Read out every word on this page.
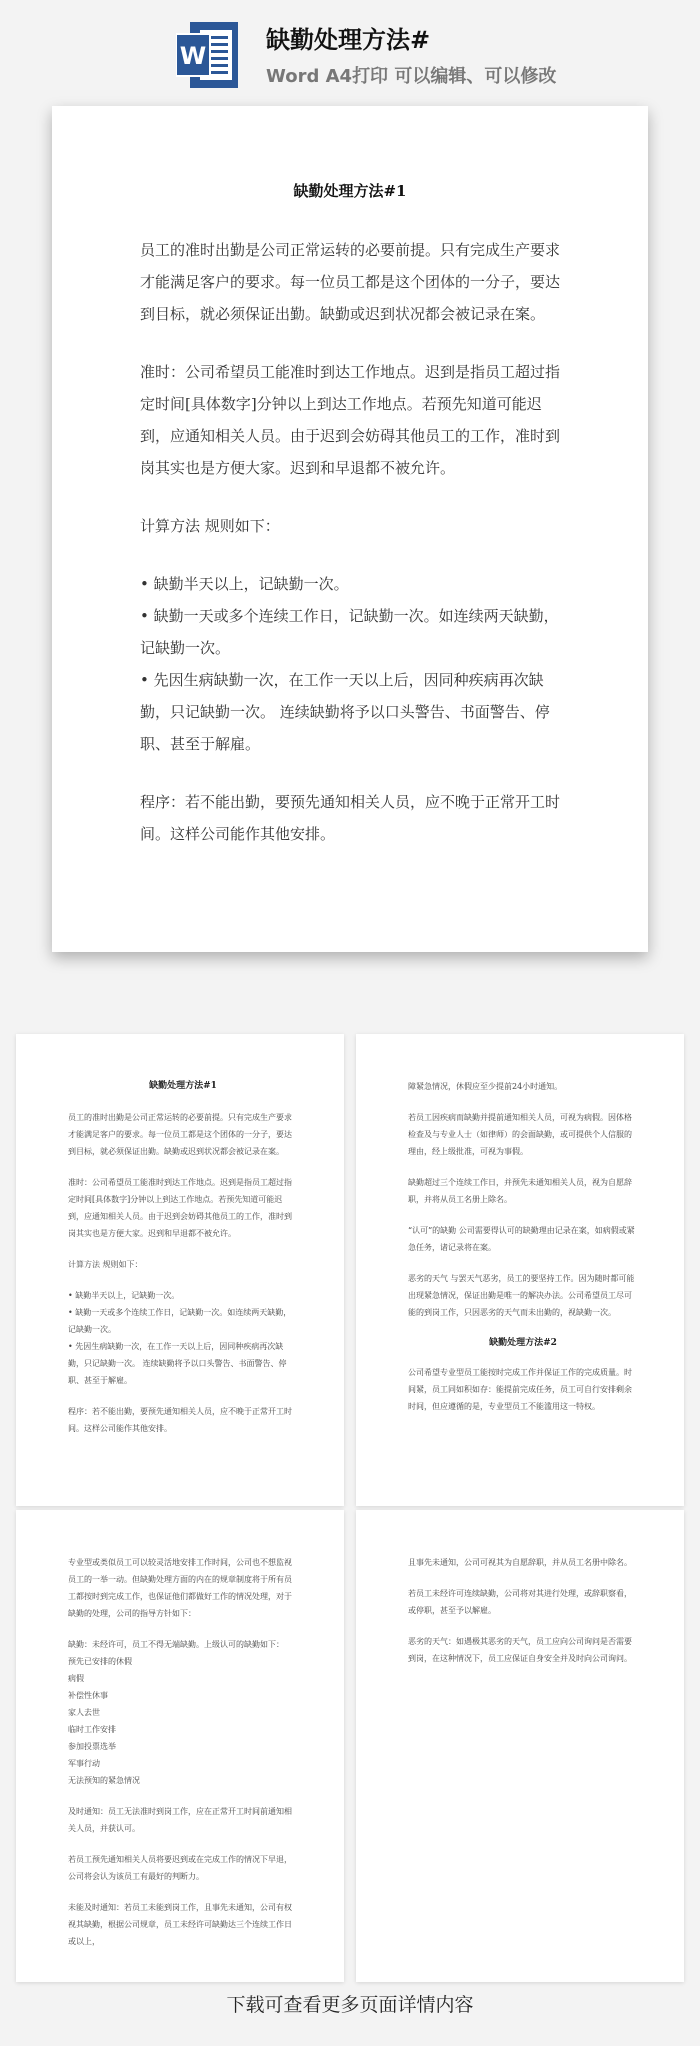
W
缺勤处理方法#
Word A4打印 可以编辑、可以修改
缺勤处理方法#1

员工的准时出勤是公司正常运转的必要前提。只有完成生产要求才能满足客户的要求。每一位员工都是这个团体的一分子，要达到目标，就必须保证出勤。缺勤或迟到状况都会被记录在案。

准时：公司希望员工能准时到达工作地点。迟到是指员工超过指定时间[具体数字]分钟以上到达工作地点。若预先知道可能迟到，应通知相关人员。由于迟到会妨碍其他员工的工作，准时到岗其实也是方便大家。迟到和早退都不被允许。

计算方法 规则如下：

• 缺勤半天以上，记缺勤一次。

• 缺勤一天或多个连续工作日，记缺勤一次。如连续两天缺勤，记缺勤一次。

• 先因生病缺勤一次，在工作一天以上后，因同种疾病再次缺勤，只记缺勤一次。 连续缺勤将予以口头警告、书面警告、停职、甚至于解雇。

程序：若不能出勤，要预先通知相关人员，应不晚于正常开工时间。这样公司能作其他安排。

缺勤处理方法#1

员工的准时出勤是公司正常运转的必要前提。只有完成生产要求才能满足客户的要求。每一位员工都是这个团体的一分子，要达到目标，就必须保证出勤。缺勤或迟到状况都会被记录在案。

准时：公司希望员工能准时到达工作地点。迟到是指员工超过指定时间[具体数字]分钟以上到达工作地点。若预先知道可能迟到，应通知相关人员。由于迟到会妨碍其他员工的工作，准时到岗其实也是方便大家。迟到和早退都不被允许。

计算方法 规则如下：

• 缺勤半天以上，记缺勤一次。

• 缺勤一天或多个连续工作日，记缺勤一次。如连续两天缺勤，记缺勤一次。

• 先因生病缺勤一次，在工作一天以上后，因同种疾病再次缺勤，只记缺勤一次。 连续缺勤将予以口头警告、书面警告、停职、甚至于解雇。

程序：若不能出勤，要预先通知相关人员，应不晚于正常开工时间。这样公司能作其他安排。

障紧急情况，休假应至少提前24小时通知。

若员工因疾病而缺勤并提前通知相关人员，可视为病假。因体格检查及与专业人士（如律师）的会面缺勤，或可提供个人信服的理由，经上级批准，可视为事假。

缺勤超过三个连续工作日，并预先未通知相关人员，视为自愿辞职，并将从员工名册上除名。

“认可”的缺勤 公司需要得认可的缺勤理由记录在案，如病假或紧急任务，诸记录将在案。

恶劣的天气 与罢天气恶劣，员工的要坚持工作。因为随时都可能出现紧急情况，保证出勤是唯一的解决办法。公司希望员工尽可能的到岗工作，只因恶劣的天气而未出勤的，视缺勤一次。

缺勤处理方法#2

公司希望专业型员工能按时完成工作并保证工作的完成质量。时间紧，员工同如积如存：能提前完成任务，员工可自行安排剩余时间，但应遵循的是，专业型员工不能滥用这一特权。

专业型或类似员工可以较灵活地安排工作时间，公司也不想监视员工的一举一动。但缺勤处理方面的内在的规章制度将于所有员工都按时到完成工作，也保证他们都做好工作的情况处理，对于缺勤的处理，公司的指导方针如下：

缺勤：未经许可，员工不得无端缺勤。上级认可的缺勤如下：

预先已安排的休假

病假

补偿性休事

家人去世

临时工作安排

参加投票选举

军事行动

无法预知的紧急情况

及时通知：员工无法准时到岗工作，应在正常开工时间前通知相关人员，并获认可。

若员工预先通知相关人员将要迟到或在完成工作的情况下早退，公司将会认为该员工有最好的判断力。

未能及时通知：若员工未能到岗工作，且事先未通知，公司有权视其缺勤，根据公司规章，员工未经许可缺勤达三个连续工作日或以上，

且事先未通知，公司可视其为自愿辞职，并从员工名册中除名。

若员工未经许可连续缺勤，公司将对其进行处理，或辞职察看，或停职，甚至予以解雇。

恶劣的天气：如遇极其恶劣的天气，员工应向公司询问是否需要到岗，在这种情况下，员工应保证自身安全并及时向公司询问。

下载可查看更多页面详情内容
